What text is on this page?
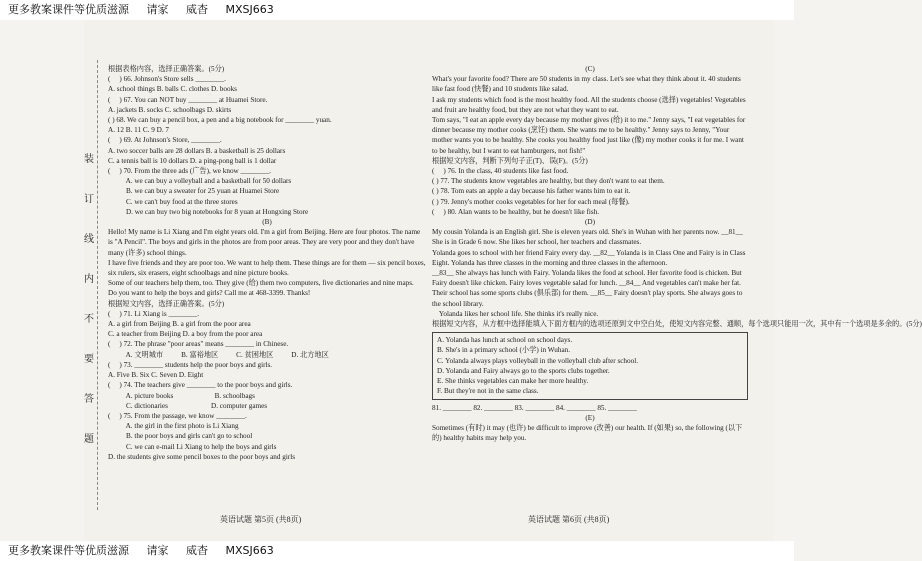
更多教案课件等优质滋源 请家 威杳 MXSJ663
装
订
线
内
不
要
答
题

根据表格内容，选择正确答案。(5分)

(     ) 66. Johnson's Store sells ________.

A. school things B. balls C. clothes D. books

(     ) 67. You can NOT buy ________ at Huamei Store.

A. jackets B. socks C. schoolbags D. skirts

( ) 68. We can buy a pencil box, a pen and a big notebook for ________ yuan.

A. 12 B. 11 C. 9 D. 7

(     ) 69. At Johnson's Store, ________.

A. two soccer balls are 28 dollars B. a basketball is 25 dollars

C. a tennis ball is 10 dollars D. a ping-pong ball is 1 dollar

(     ) 70. From the three ads (广告), we know ________.

A. we can buy a volleyball and a basketball for 50 dollars

B. we can buy a sweater for 25 yuan at Huamei Store

C. we can't buy food at the three stores

D. we can buy two big notebooks for 8 yuan at Hongxing Store

(B)

Hello! My name is Li Xiang and I'm eight years old. I'm a girl from Beijing. Here are four photos. The name is "A Pencil". The boys and girls in the photos are from poor areas. They are very poor and they don't have many (许多) school things.

I have five friends and they are poor too. We want to help them. These things are for them — six pencil boxes, six rulers, six erasers, eight schoolbags and nine picture books.

Some of our teachers help them, too. They give (给) them two computers, five dictionaries and nine maps.

Do you want to help the boys and girls? Call me at 468-3399. Thanks!

根据短文内容，选择正确答案。(5分)

(     ) 71. Li Xiang is ________.

A. a girl from Beijing B. a girl from the poor area

C. a teacher from Beijing D. a boy from the poor area

(     ) 72. The phrase "poor areas" means ________ in Chinese.

A. 文明城市          B. 富裕地区          C. 贫困地区          D. 北方地区

(     ) 73. ________ students help the poor boys and girls.

A. Five B. Six C. Seven D. Eight

(     ) 74. The teachers give ________ to the poor boys and girls.

A. picture books                       B. schoolbags

C. dictionaries                        D. computer games

(     ) 75. From the passage, we know ________.

A. the girl in the first photo is Li Xiang

B. the poor boys and girls can't go to school

C. we can e-mail Li Xiang to help the boys and girls

D. the students give some pencil boxes to the poor boys and girls

(C)

What's your favorite food? There are 50 students in my class. Let's see what they think about it. 40 students like fast food (快餐) and 10 students like salad.

I ask my students which food is the most healthy food. All the students choose (选择) vegetables! Vegetables and fruit are healthy food, but they are not what they want to eat.

Tom says, "I eat an apple every day because my mother gives (给) it to me." Jenny says, "I eat vegetables for dinner because my mother cooks (烹饪) them. She wants me to be healthy." Jenny says to Jenny, "Your mother wants you to be healthy. She cooks you healthy food just like (像) my mother cooks it for me. I want to be healthy, but I want to eat hamburgers, not fish!"

根据短文内容，判断下列句子正(T)、误(F)。(5分)

(     ) 76. In the class, 40 students like fast food.

( ) 77. The students know vegetables are healthy, but they don't want to eat them.

( ) 78. Tom eats an apple a day because his father wants him to eat it.

( ) 79. Jenny's mother cooks vegetables for her for each meal (每餐).

(     ) 80. Alan wants to be healthy, but he doesn't like fish.

(D)

My cousin Yolanda is an English girl. She is eleven years old. She's in Wuhan with her parents now. __81__ She is in Grade 6 now. She likes her school, her teachers and classmates.

Yolanda goes to school with her friend Fairy every day. __82__ Yolanda is in Class One and Fairy is in Class Eight. Yolanda has three classes in the morning and three classes in the afternoon.

__83__ She always has lunch with Fairy. Yolanda likes the food at school. Her favorite food is chicken. But Fairy doesn't like chicken. Fairy loves vegetable salad for lunch. __84__ And vegetables can't make her fat.

Their school has some sports clubs (俱乐部) for them. __85__ Fairy doesn't play sports. She always goes to the school library.

Yolanda likes her school life. She thinks it's really nice.

根据短文内容，从方框中选择能填入下面方框内的选项还原到文中空白处，使短文内容完整、通顺，每个选项只能用一次，其中有一个选项是多余的。(5分)

A. Yolanda has lunch at school on school days.

B. She's in a primary school (小学) in Wuhan.

C. Yolanda always plays volleyball in the volleyball club after school.

D. Yolanda and Fairy always go to the sports clubs together.

E. She thinks vegetables can make her more healthy.

F. But they're not in the same class.

81. ________ 82. ________ 83. ________ 84. ________ 85. ________

(E)

Sometimes (有时) it may (也许) be difficult to improve (改善) our health. If (如果) so, the following (以下的) healthy habits may help you.

英语试题 第5页 (共8页)	英语试题 第6页 (共8页)
更多教案课件等优质滋源 请家 威杳 MXSJ663
